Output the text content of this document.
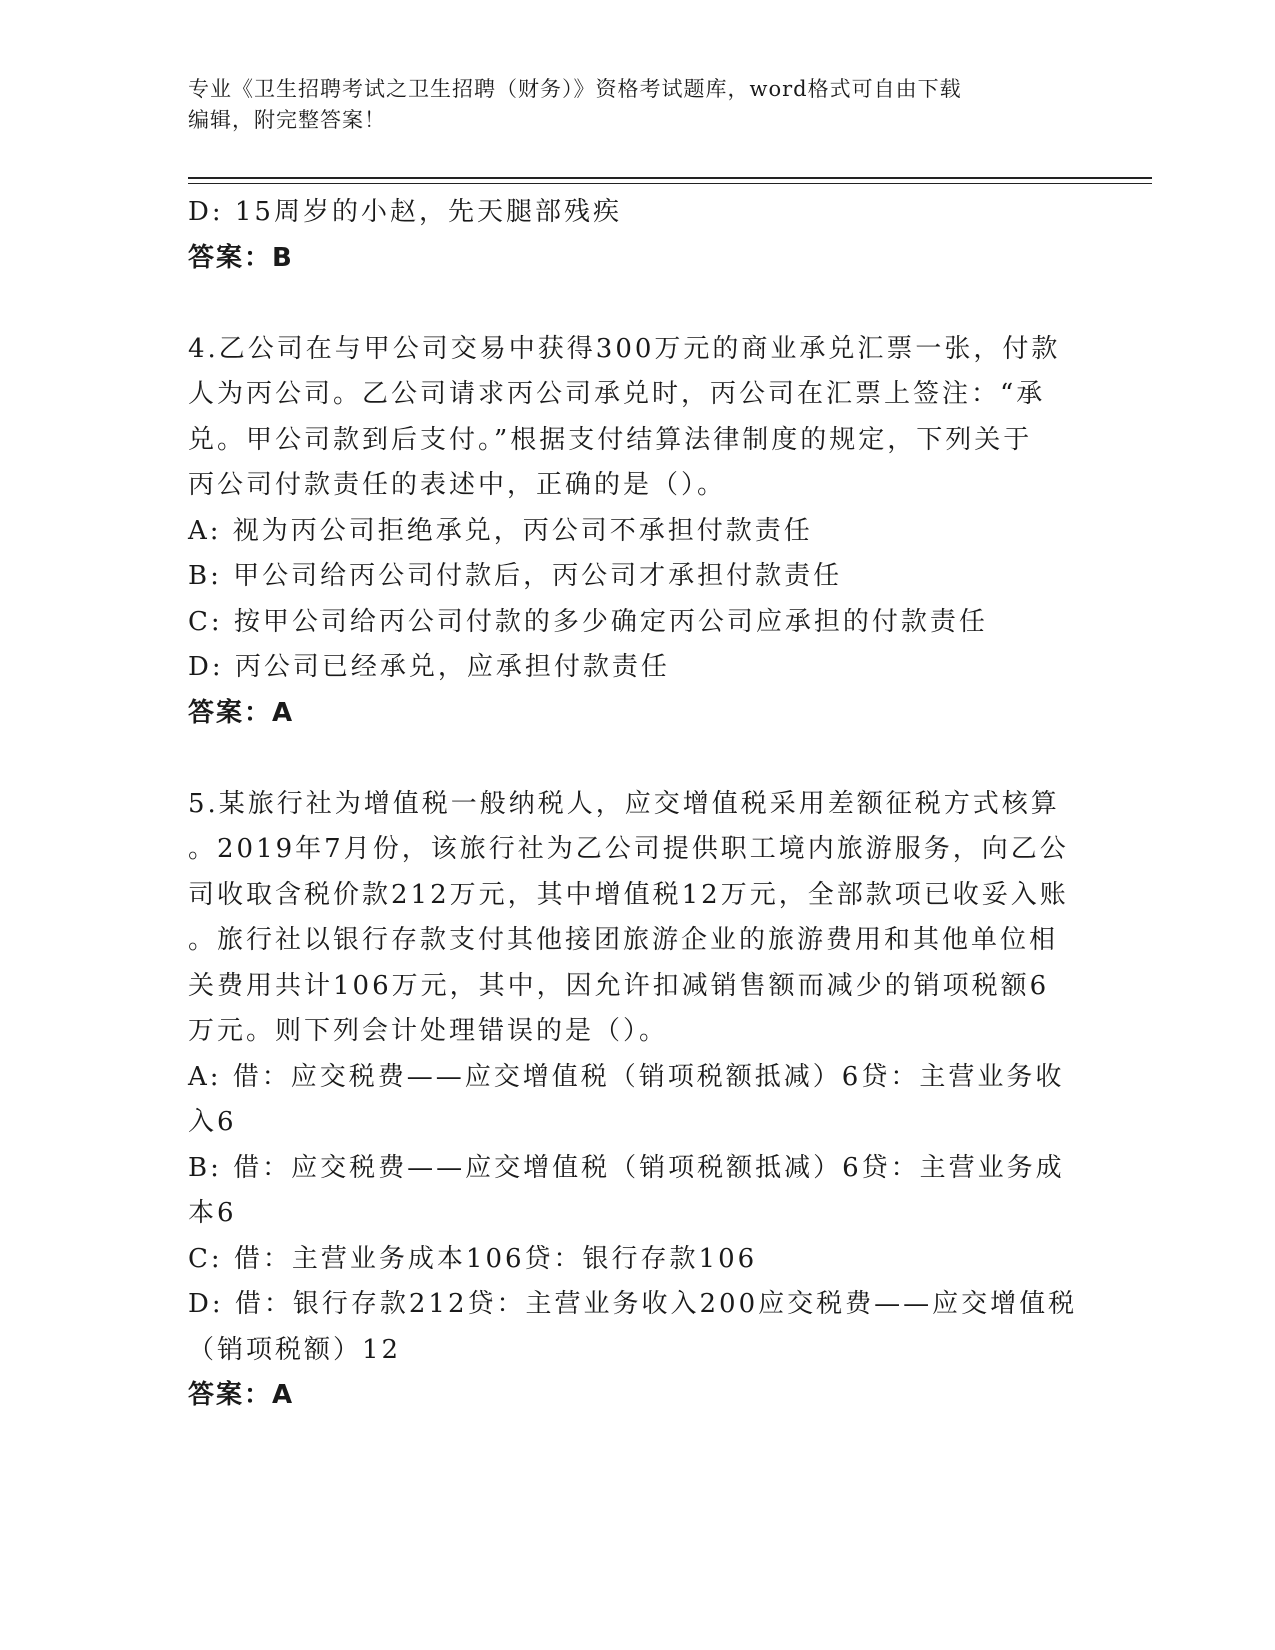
专业《卫生招聘考试之卫生招聘（财务）》资格考试题库，word格式可自由下载
编辑，附完整答案！
D: 15周岁的小赵，先天腿部残疾
答案：B
4.乙公司在与甲公司交易中获得300万元的商业承兑汇票一张，付款
人为丙公司。乙公司请求丙公司承兑时，丙公司在汇票上签注：“承
兑。甲公司款到后支付。”根据支付结算法律制度的规定，下列关于
丙公司付款责任的表述中，正确的是（）。
A: 视为丙公司拒绝承兑，丙公司不承担付款责任
B: 甲公司给丙公司付款后，丙公司才承担付款责任
C: 按甲公司给丙公司付款的多少确定丙公司应承担的付款责任
D: 丙公司已经承兑，应承担付款责任
答案：A
5.某旅行社为增值税一般纳税人，应交增值税采用差额征税方式核算
。2019年7月份，该旅行社为乙公司提供职工境内旅游服务，向乙公
司收取含税价款212万元，其中增值税12万元，全部款项已收妥入账
。旅行社以银行存款支付其他接团旅游企业的旅游费用和其他单位相
关费用共计106万元，其中，因允许扣减销售额而减少的销项税额6
万元。则下列会计处理错误的是（）。
A: 借：应交税费——应交增值税（销项税额抵减）6贷：主营业务收
入6
B: 借：应交税费——应交增值税（销项税额抵减）6贷：主营业务成
本6
C: 借：主营业务成本106贷：银行存款106
D: 借：银行存款212贷：主营业务收入200应交税费——应交增值税
（销项税额）12
答案：A
